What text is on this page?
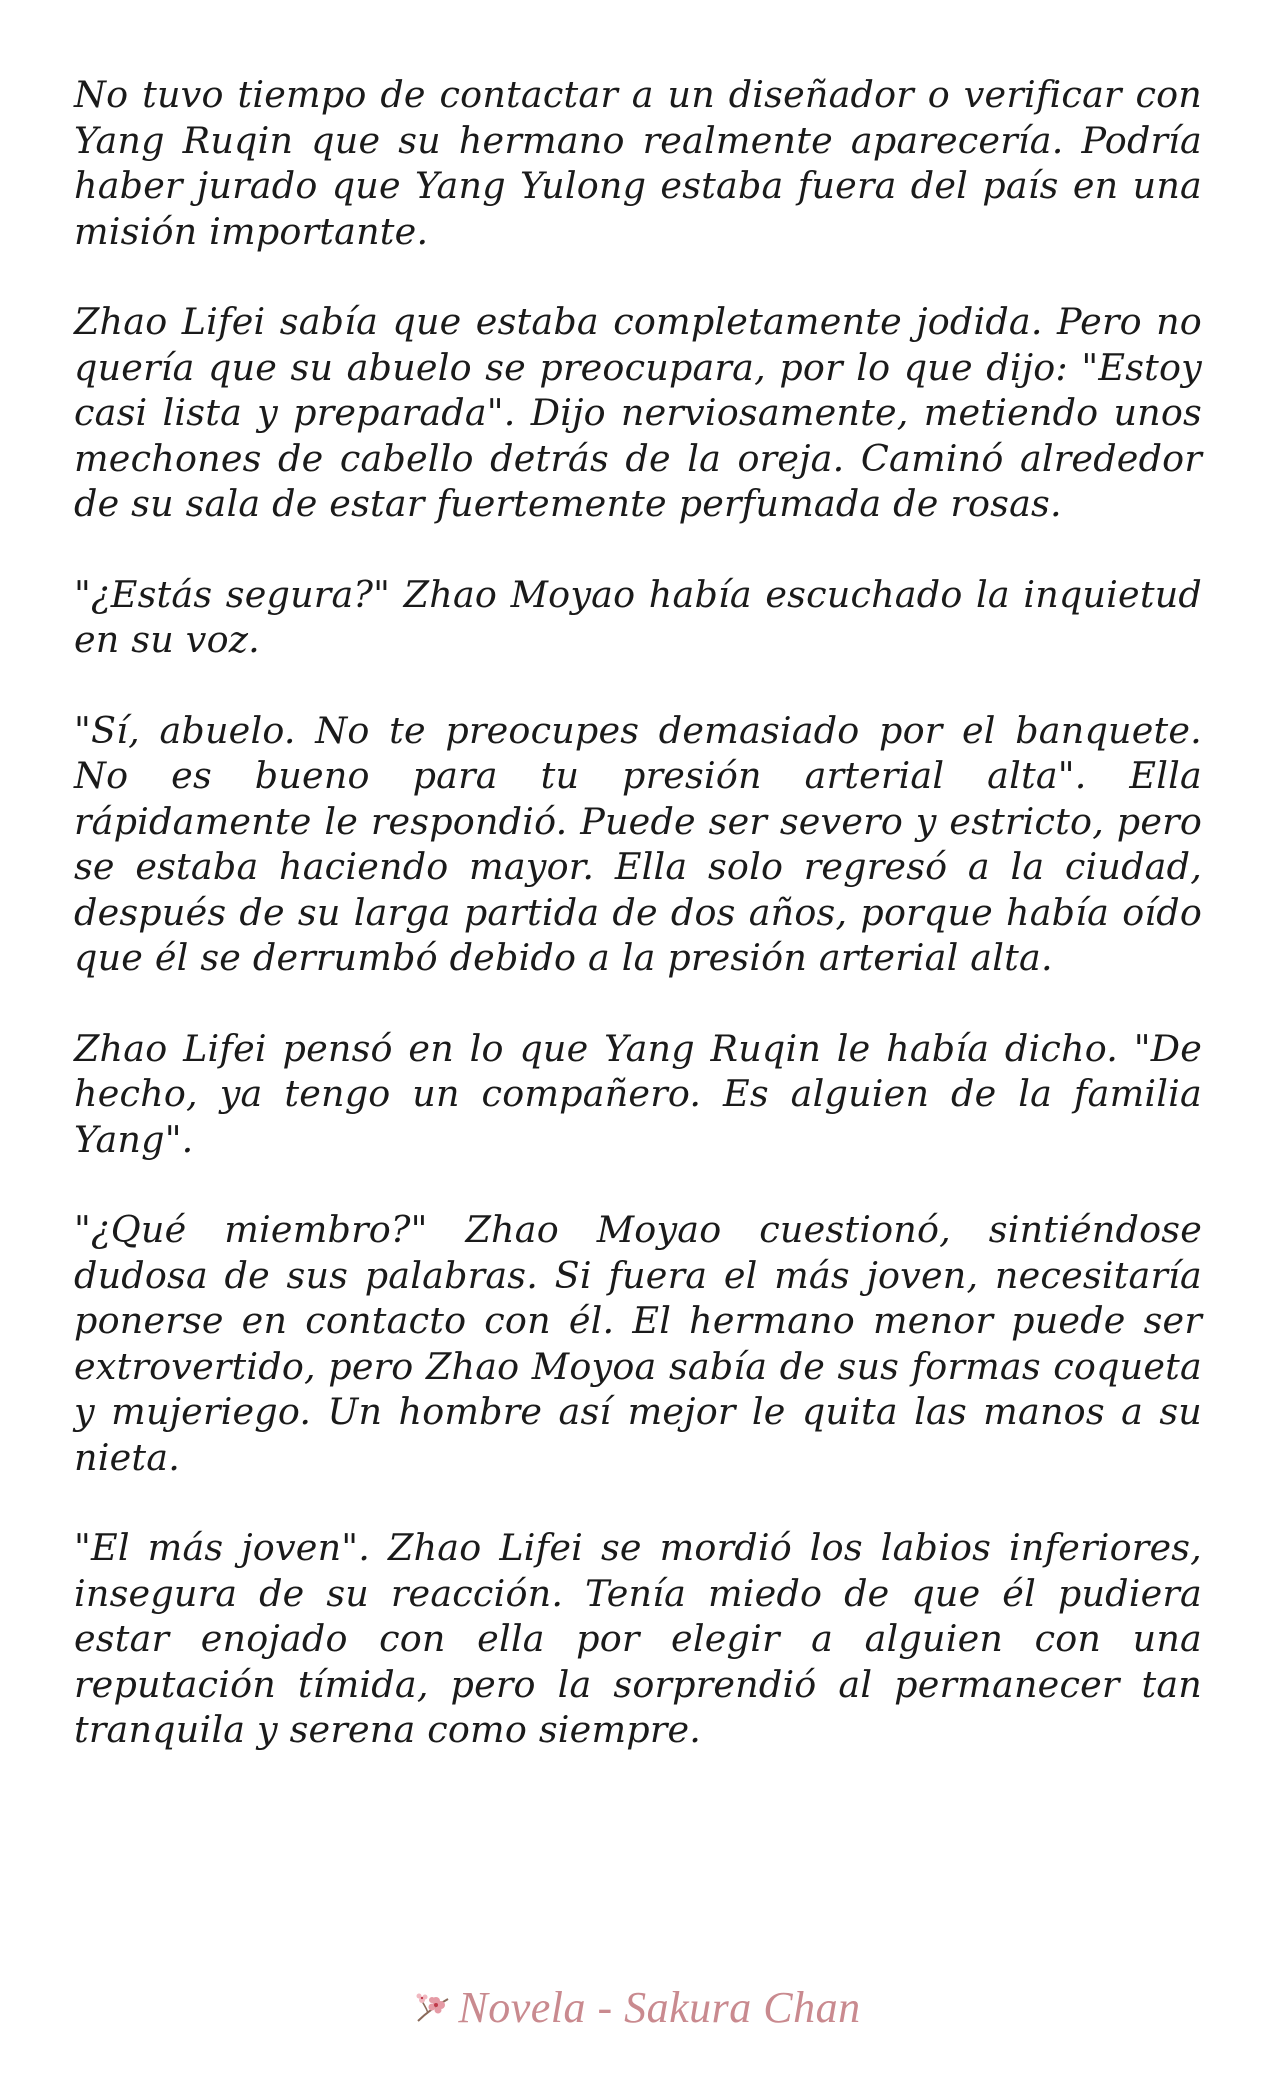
No tuvo tiempo de contactar a un diseñador o verificar con Yang Ruqin que su hermano realmente aparecería. Podría haber jurado que Yang Yulong estaba fuera del país en una misión importante.

Zhao Lifei sabía que estaba completamente jodida. Pero no quería que su abuelo se preocupara, por lo que dijo: "Estoy casi lista y preparada". Dijo nerviosamente, metiendo unos mechones de cabello detrás de la oreja. Caminó alrededor de su sala de estar fuertemente perfumada de rosas.

"¿Estás segura?" Zhao Moyao había escuchado la inquietud en su voz.

"Sí, abuelo. No te preocupes demasiado por el banquete. No es bueno para tu presión arterial alta". Ella rápidamente le respondió. Puede ser severo y estricto, pero se estaba haciendo mayor. Ella solo regresó a la ciudad, después de su larga partida de dos años, porque había oído que él se derrumbó debido a la presión arterial alta.

Zhao Lifei pensó en lo que Yang Ruqin le había dicho. "De hecho, ya tengo un compañero. Es alguien de la familia Yang".

"¿Qué miembro?" Zhao Moyao cuestionó, sintiéndose dudosa de sus palabras. Si fuera el más joven, necesitaría ponerse en contacto con él. El hermano menor puede ser extrovertido, pero Zhao Moyoa sabía de sus formas coqueta y mujeriego. Un hombre así mejor le quita las manos a su nieta.

"El más joven". Zhao Lifei se mordió los labios inferiores, insegura de su reacción. Tenía miedo de que él pudiera estar enojado con ella por elegir a alguien con una reputación tímida, pero la sorprendió al permanecer tan tranquila y serena como siempre.

Novela - Sakura Chan
